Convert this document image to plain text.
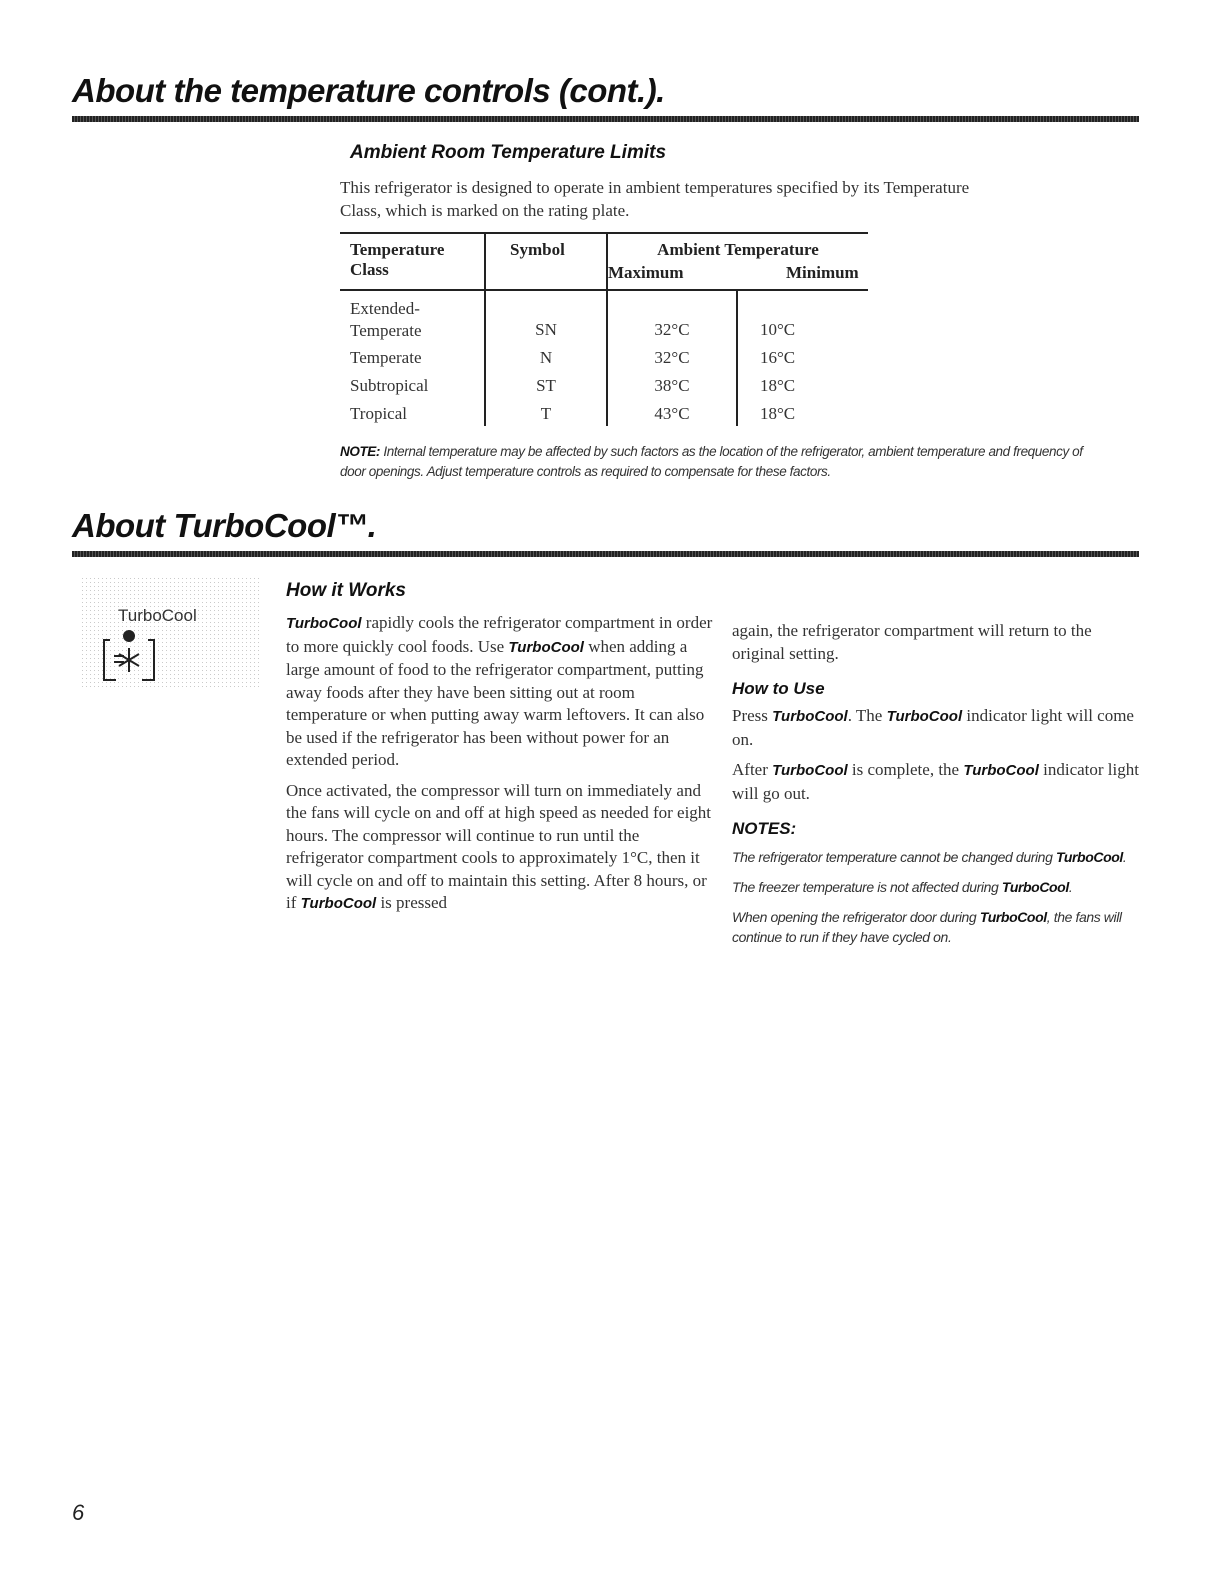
About the temperature controls (cont.).
Ambient Room Temperature Limits

This refrigerator is designed to operate in ambient temperatures specified by its Temperature Class, which is marked on the rating plate.

Temperature
Class
Symbol	Ambient Temperature
Maximum	Minimum
Extended-
Temperate	SN	32°C	10°C
Temperate	N	32°C	16°C
Subtropical	ST	38°C	18°C
Tropical	T	43°C	18°C

NOTE: Internal temperature may be affected by such factors as the location of the refrigerator, ambient temperature and frequency of door openings. Adjust temperature controls as required to compensate for these factors.

About TurboCool™.
TurboCool
How it Works

TurboCool rapidly cools the refrigerator compartment in order to more quickly cool foods. Use TurboCool when adding a large amount of food to the refrigerator compartment, putting away foods after they have been sitting out at room temperature or when putting away warm leftovers. It can also be used if the refrigerator has been without power for an extended period.

Once activated, the compressor will turn on immediately and the fans will cycle on and off at high speed as needed for eight hours. The compressor will continue to run until the refrigerator compartment cools to approximately 1°C, then it will cycle on and off to maintain this setting. After 8 hours, or if TurboCool is pressed

again, the refrigerator compartment will return to the original setting.

How to Use

Press TurboCool. The TurboCool indicator light will come on.

After TurboCool is complete, the TurboCool indicator light will go out.

NOTES:

The refrigerator temperature cannot be changed during TurboCool.

The freezer temperature is not affected during TurboCool.

When opening the refrigerator door during TurboCool, the fans will continue to run if they have cycled on.

6
